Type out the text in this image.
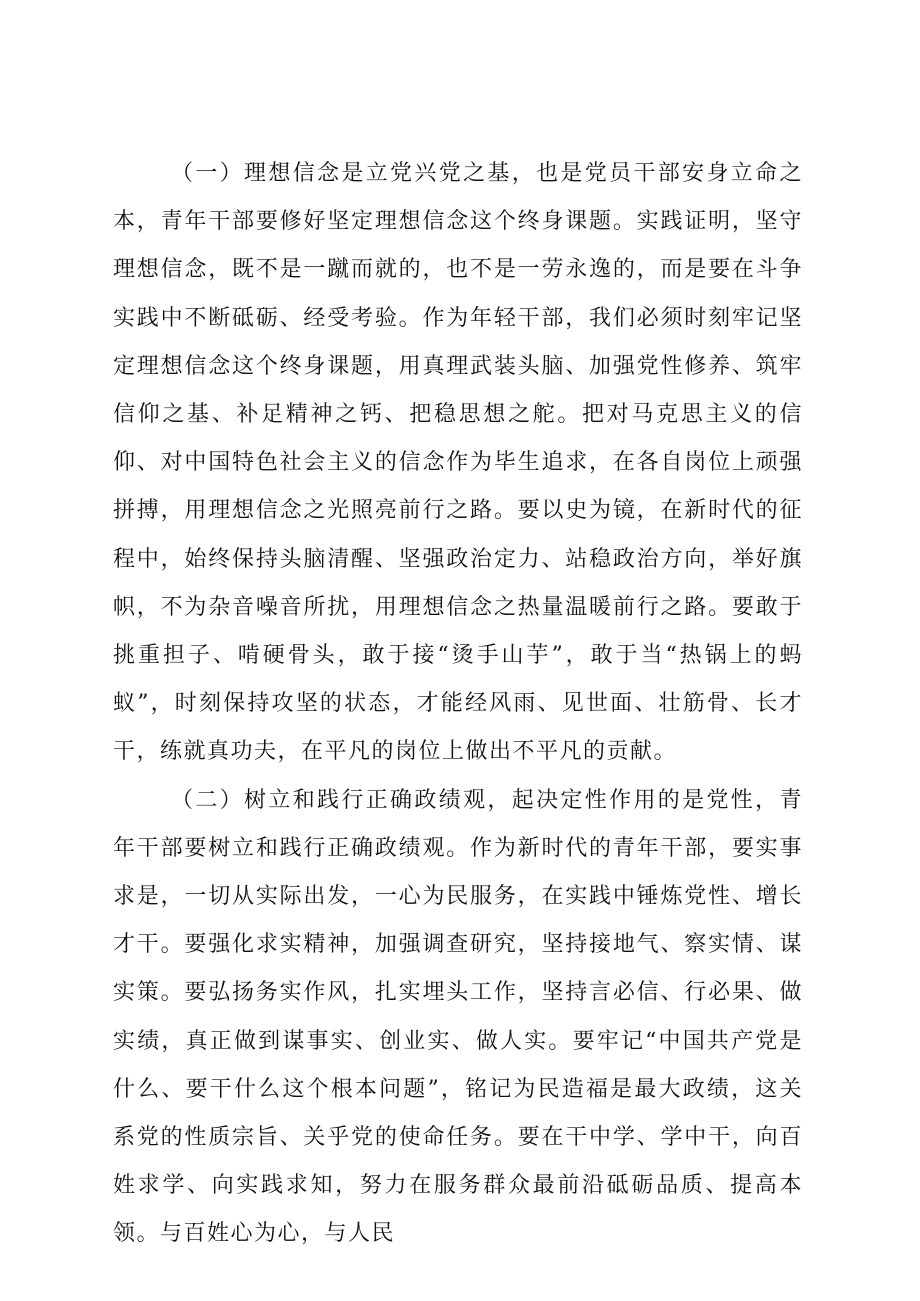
（一）理想信念是立党兴党之基，也是党员干部安身立命之本，青年干部要修好坚定理想信念这个终身课题。实践证明，坚守理想信念，既不是一蹴而就的，也不是一劳永逸的，而是要在斗争实践中不断砥砺、经受考验。作为年轻干部，我们必须时刻牢记坚定理想信念这个终身课题，用真理武装头脑、加强党性修养、筑牢信仰之基、补足精神之钙、把稳思想之舵。把对马克思主义的信仰、对中国特色社会主义的信念作为毕生追求，在各自岗位上顽强拼搏，用理想信念之光照亮前行之路。要以史为镜，在新时代的征程中，始终保持头脑清醒、坚强政治定力、站稳政治方向，举好旗帜，不为杂音噪音所扰，用理想信念之热量温暖前行之路。要敢于挑重担子、啃硬骨头，敢于接“烫手山芋”，敢于当“热锅上的蚂蚁”，时刻保持攻坚的状态，才能经风雨、见世面、壮筋骨、长才干，练就真功夫，在平凡的岗位上做出不平凡的贡献。

（二）树立和践行正确政绩观，起决定性作用的是党性，青年干部要树立和践行正确政绩观。作为新时代的青年干部，要实事求是，一切从实际出发，一心为民服务，在实践中锤炼党性、增长才干。要强化求实精神，加强调查研究，坚持接地气、察实情、谋实策。要弘扬务实作风，扎实埋头工作，坚持言必信、行必果、做实绩，真正做到谋事实、创业实、做人实。要牢记“中国共产党是什么、要干什么这个根本问题”，铭记为民造福是最大政绩，这关系党的性质宗旨、关乎党的使命任务。要在干中学、学中干，向百姓求学、向实践求知，努力在服务群众最前沿砥砺品质、提高本领。与百姓心为心，与人民
